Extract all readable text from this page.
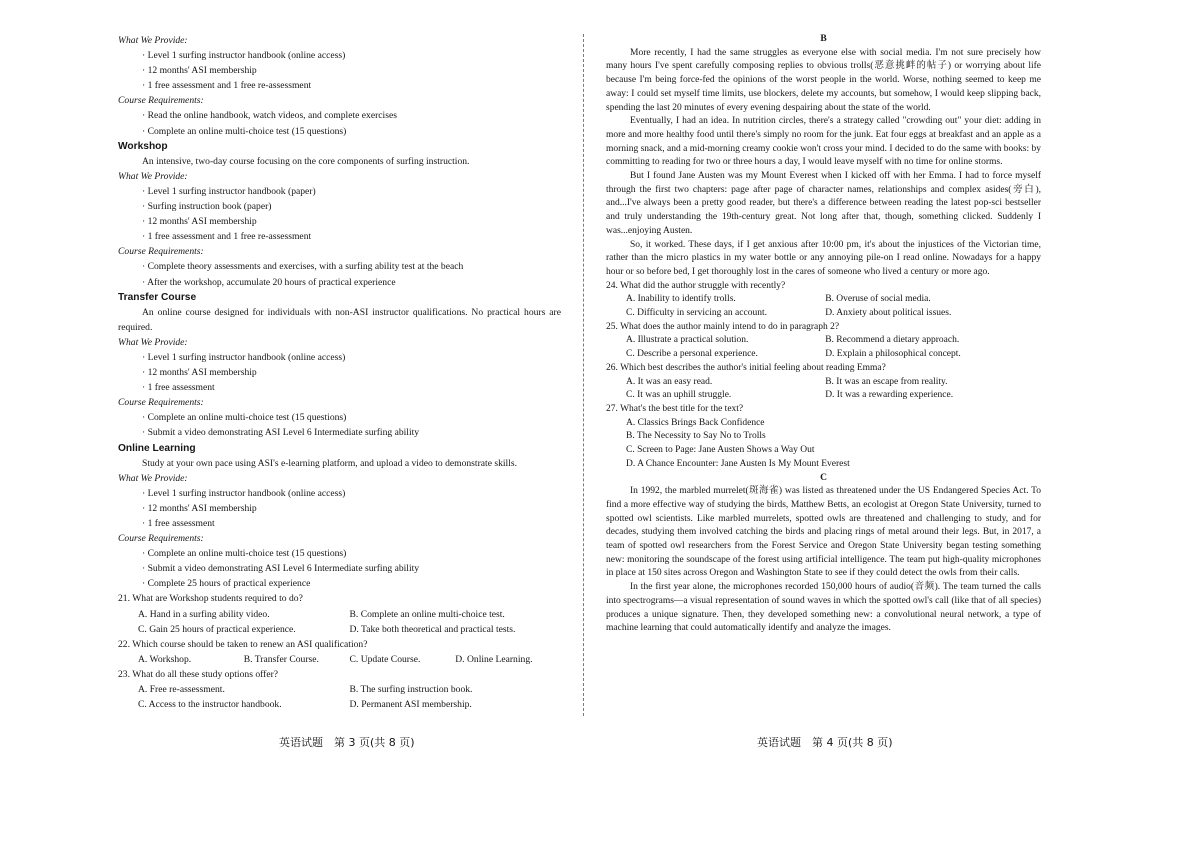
What We Provide:
· Level 1 surfing instructor handbook (online access)
· 12 months' ASI membership
· 1 free assessment and 1 free re-assessment
Course Requirements:
· Read the online handbook, watch videos, and complete exercises
· Complete an online multi-choice test (15 questions)
Workshop

An intensive, two-day course focusing on the core components of surfing instruction.

What We Provide:
· Level 1 surfing instructor handbook (paper)
· Surfing instruction book (paper)
· 12 months' ASI membership
· 1 free assessment and 1 free re-assessment
Course Requirements:
· Complete theory assessments and exercises, with a surfing ability test at the beach
· After the workshop, accumulate 20 hours of practical experience
Transfer Course

An online course designed for individuals with non-ASI instructor qualifications. No practical hours are required.

What We Provide:
· Level 1 surfing instructor handbook (online access)
· 12 months' ASI membership
· 1 free assessment
Course Requirements:
· Complete an online multi-choice test (15 questions)
· Submit a video demonstrating ASI Level 6 Intermediate surfing ability
Online Learning

Study at your own pace using ASI's e-learning platform, and upload a video to demonstrate skills.

What We Provide:
· Level 1 surfing instructor handbook (online access)
· 12 months' ASI membership
· 1 free assessment
Course Requirements:
· Complete an online multi-choice test (15 questions)
· Submit a video demonstrating ASI Level 6 Intermediate surfing ability
· Complete 25 hours of practical experience
21. What are Workshop students required to do?
A. Hand in a surfing ability video.	B. Complete an online multi-choice test.
C. Gain 25 hours of practical experience.	D. Take both theoretical and practical tests.
22. Which course should be taken to renew an ASI qualification?
A. Workshop.	B. Transfer Course.	C. Update Course.	D. Online Learning.
23. What do all these study options offer?
A. Free re-assessment.	B. The surfing instruction book.
C. Access to the instructor handbook.	D. Permanent ASI membership.
B

More recently, I had the same struggles as everyone else with social media. I'm not sure precisely how many hours I've spent carefully composing replies to obvious trolls(恶意挑衅的帖子) or worrying about life because I'm being force-fed the opinions of the worst people in the world. Worse, nothing seemed to keep me away: I could set myself time limits, use blockers, delete my accounts, but somehow, I would keep slipping back, spending the last 20 minutes of every evening despairing about the state of the world.

Eventually, I had an idea. In nutrition circles, there's a strategy called "crowding out" your diet: adding in more and more healthy food until there's simply no room for the junk. Eat four eggs at breakfast and an apple as a morning snack, and a mid-morning creamy cookie won't cross your mind. I decided to do the same with books: by committing to reading for two or three hours a day, I would leave myself with no time for online storms.

But I found Jane Austen was my Mount Everest when I kicked off with her Emma. I had to force myself through the first two chapters: page after page of character names, relationships and complex asides(旁白), and...I've always been a pretty good reader, but there's a difference between reading the latest pop-sci bestseller and truly understanding the 19th-century great. Not long after that, though, something clicked. Suddenly I was...enjoying Austen.

So, it worked. These days, if I get anxious after 10:00 pm, it's about the injustices of the Victorian time, rather than the micro plastics in my water bottle or any annoying pile-on I read online. Nowadays for a happy hour or so before bed, I get thoroughly lost in the cares of someone who lived a century or more ago.

24. What did the author struggle with recently?
A. Inability to identify trolls.	B. Overuse of social media.
C. Difficulty in servicing an account.	D. Anxiety about political issues.
25. What does the author mainly intend to do in paragraph 2?
A. Illustrate a practical solution.	B. Recommend a dietary approach.
C. Describe a personal experience.	D. Explain a philosophical concept.
26. Which best describes the author's initial feeling about reading Emma?
A. It was an easy read.	B. It was an escape from reality.
C. It was an uphill struggle.	D. It was a rewarding experience.
27. What's the best title for the text?
A. Classics Brings Back Confidence
B. The Necessity to Say No to Trolls
C. Screen to Page: Jane Austen Shows a Way Out
D. A Chance Encounter: Jane Austen Is My Mount Everest
C

In 1992, the marbled murrelet(斑海雀) was listed as threatened under the US Endangered Species Act. To find a more effective way of studying the birds, Matthew Betts, an ecologist at Oregon State University, turned to spotted owl scientists. Like marbled murrelets, spotted owls are threatened and challenging to study, and for decades, studying them involved catching the birds and placing rings of metal around their legs. But, in 2017, a team of spotted owl researchers from the Forest Service and Oregon State University began testing something new: monitoring the soundscape of the forest using artificial intelligence. The team put high-quality microphones in place at 150 sites across Oregon and Washington State to see if they could detect the owls from their calls.

In the first year alone, the microphones recorded 150,000 hours of audio(音频). The team turned the calls into spectrograms—a visual representation of sound waves in which the spotted owl's call (like that of all species) produces a unique signature. Then, they developed something new: a convolutional neural network, a type of machine learning that could automatically identify and analyze the images.

英语试题　第 3 页(共 8 页)	英语试题　第 4 页(共 8 页)
